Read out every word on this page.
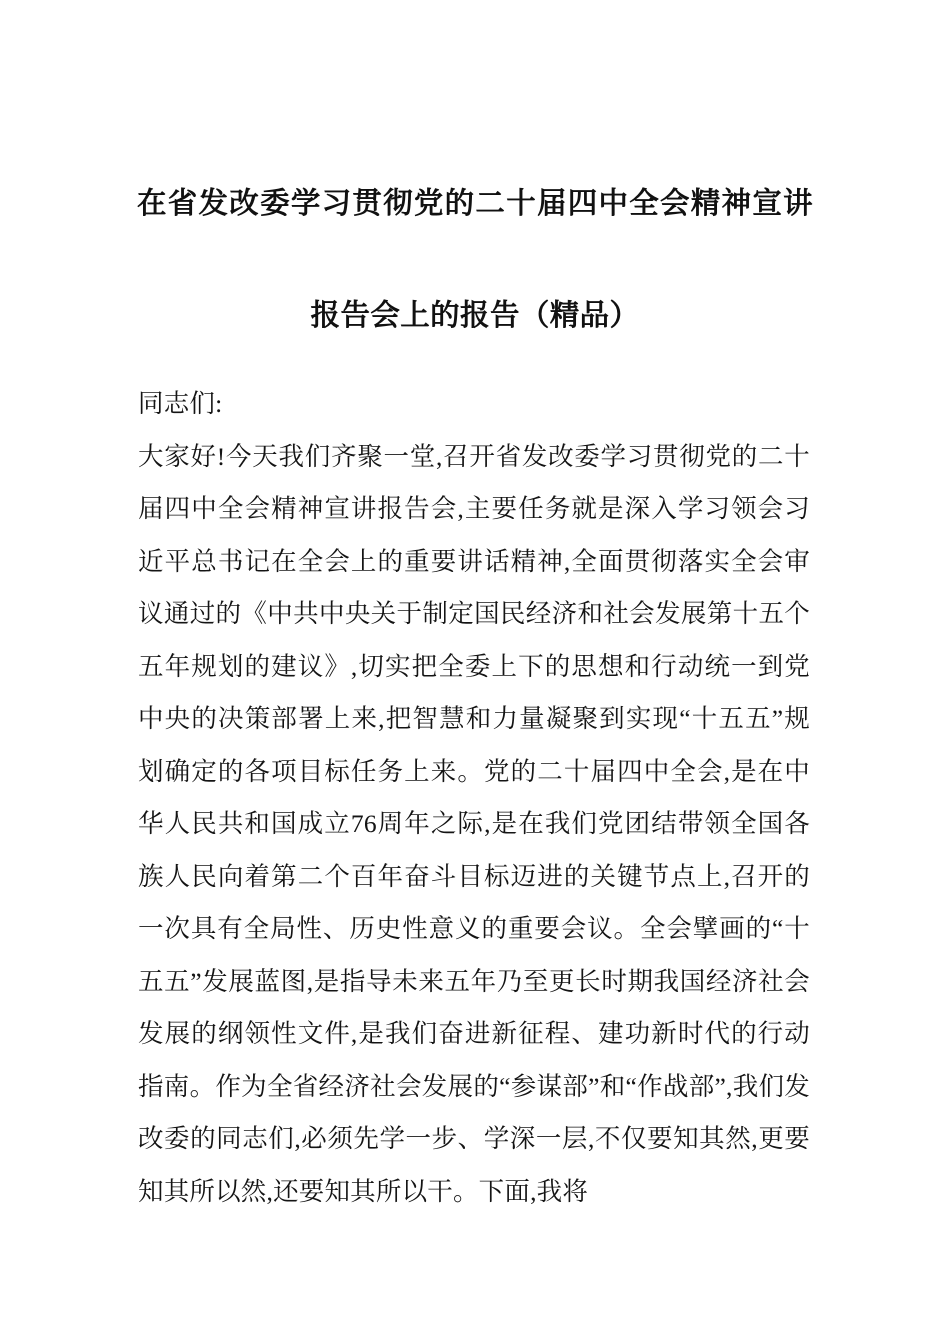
在省发改委学习贯彻党的二十届四中全会精神宣讲报告会上的报告（精品）

同志们:

大家好!今天我们齐聚一堂,召开省发改委学习贯彻党的二十届四中全会精神宣讲报告会,主要任务就是深入学习领会习近平总书记在全会上的重要讲话精神,全面贯彻落实全会审议通过的《中共中央关于制定国民经济和社会发展第十五个五年规划的建议》,切实把全委上下的思想和行动统一到党中央的决策部署上来,把智慧和力量凝聚到实现“十五五”规划确定的各项目标任务上来。党的二十届四中全会,是在中华人民共和国成立76周年之际,是在我们党团结带领全国各族人民向着第二个百年奋斗目标迈进的关键节点上,召开的一次具有全局性、历史性意义的重要会议。全会擘画的“十五五”发展蓝图,是指导未来五年乃至更长时期我国经济社会发展的纲领性文件,是我们奋进新征程、建功新时代的行动指南。作为全省经济社会发展的“参谋部”和“作战部”,我们发改委的同志们,必须先学一步、学深一层,不仅要知其然,更要知其所以然,还要知其所以干。下面,我将
